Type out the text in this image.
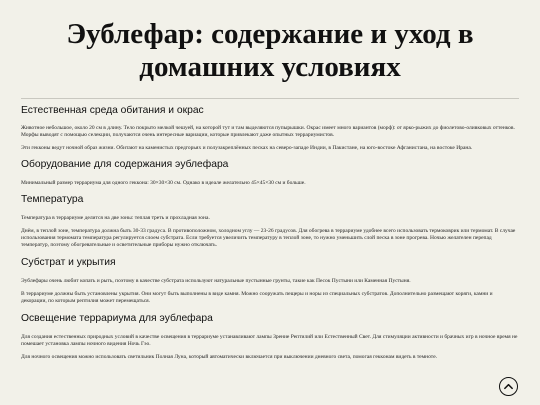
Эублефар: содержание и уход в домашних условиях
Естественная среда обитания и окрас

Животное небольшое, около 20 см в длину. Тело покрыто мелкой чешуей, на которой тут и там выделяются пупырышки. Окрас имеет много вариантов (морф): от ярко-рыжих до фиолетово-оливковых оттенков. Морфы выводят с помощью селекции, получаются очень интересные вариации, которые привлекают даже опытных террариумистов.

Эти гекконы ведут ночной образ жизни. Обитают на каменистых предгорьях и полузакреплённых песках на северо-западе Индии, в Пакистане, на юго-востоке Афганистана, на востоке Ирана.

Оборудование для содержания эублефара

Минимальный размер террариума для одного геккона: 30×30×30 см. Однако в идеале желательно 45×45×30 см и больше.

Температура

Температура в террариуме делится на две зоны: теплая треть и прохладная зона.

Днём, в теплой зоне, температура должна быть 30-33 градуса. В противоположном, холодном углу — 23-26 градусов. Для обогрева в террариуме удобнее всего использовать термоковрик или термомат. В случае использования термомата температура регулируется слоем субстрата. Если требуется увеличить температуру в теплой зоне, то нужно уменьшить слой песка в зоне прогрева. Ночью желателен перепад температур, поэтому обогревательные и осветительные приборы нужно отключать.

Субстрат и укрытия

Эублефары очень любит копать и рыть, поэтому в качестве субстрата используют натуральные пустынные грунты, такие как Песок Пустыни или Каменная Пустыня.

В террариуме должны быть установлены укрытия. Они могут быть выполнены в виде камня. Можно сооружать пещеры и норы из специальных субстратов. Дополнительно размещают коряги, камни и декорации, по которым рептилия может перемещаться.

Освещение террариума для эублефара

Для создания естественных природных условий в качестве освещения в террариуме устанавливают лампы Зрение Рептилий или Естественный Свет. Для стимуляции активности и брачных игр в ночное время не помешает установка лампы ночного видения Ночь Гэо.

Для ночного освещения можно использовать светильник Полная Луна, который автоматически включается при выключении дневного света, помогая гекконам видеть в темноте.
